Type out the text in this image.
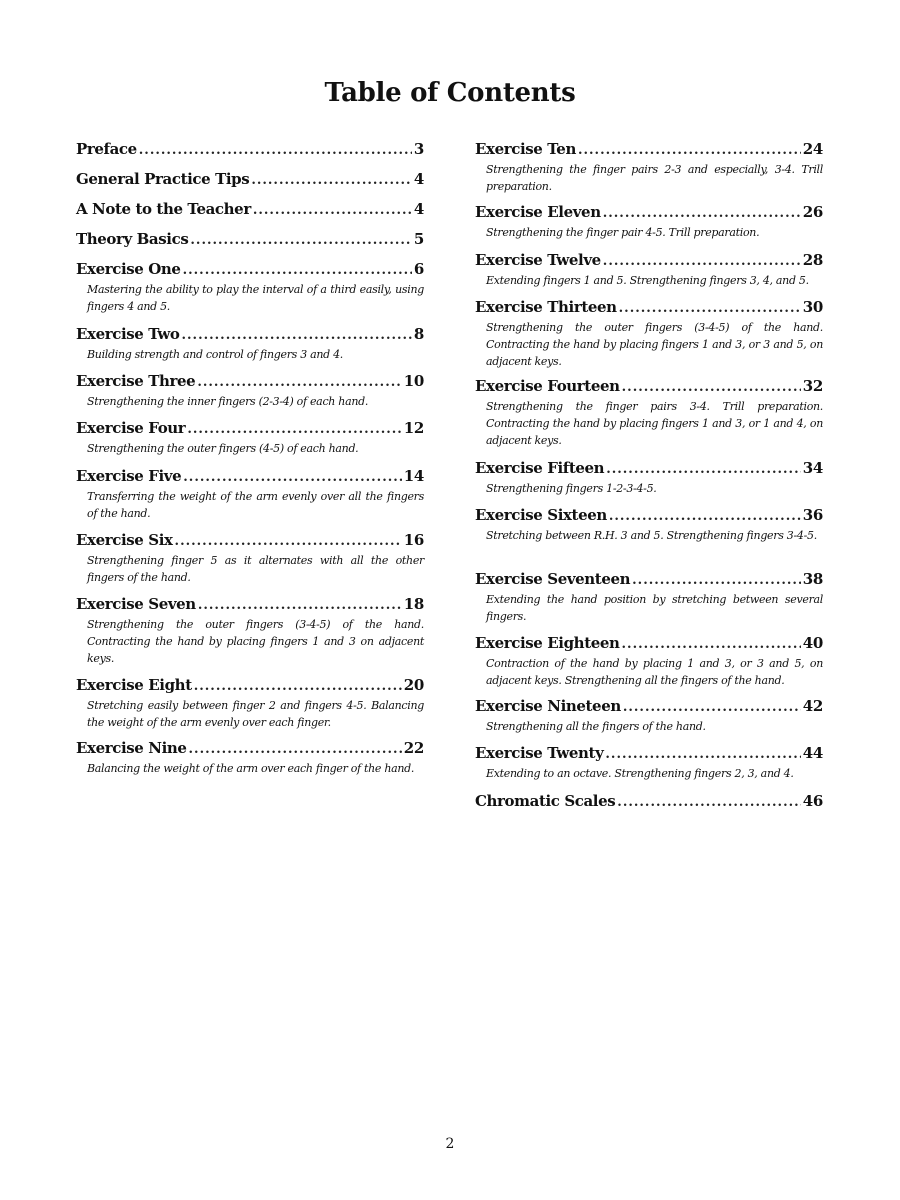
Table of Contents
Preface .....	3
General Practice Tips .....	4
A Note to the Teacher .....	4
Theory Basics .....	5
Exercise One .....	6
Mastering the ability to play the interval of a third easily, using fingers 4 and 5.
Exercise Two .....	8
Building strength and control of fingers 3 and 4.
Exercise Three .....	10
Strengthening the inner fingers (2-3-4) of each hand.
Exercise Four .....	12
Strengthening the outer fingers (4-5) of each hand.
Exercise Five .....	14
Transferring the weight of the arm evenly over all the fingers of the hand.
Exercise Six .....	16
Strengthening finger 5 as it alternates with all the other fingers of the hand.
Exercise Seven .....	18
Strengthening the outer fingers (3-4-5) of the hand. Contracting the hand by placing fingers 1 and 3 on adjacent keys.
Exercise Eight .....	20
Stretching easily between finger 2 and fingers 4-5. Balancing the weight of the arm evenly over each finger.
Exercise Nine .....	22
Balancing the weight of the arm over each finger of the hand.
Exercise Ten .....	24
Strengthening the finger pairs 2-3 and especially, 3-4. Trill preparation.
Exercise Eleven .....	26
Strengthening the finger pair 4-5. Trill preparation.
Exercise Twelve .....	28
Extending fingers 1 and 5. Strengthening fingers 3, 4, and 5.
Exercise Thirteen .....	30
Strengthening the outer fingers (3-4-5) of the hand. Contracting the hand by placing fingers 1 and 3, or 3 and 5, on adjacent keys.
Exercise Fourteen .....	32
Strengthening the finger pairs 3-4. Trill preparation. Contracting the hand by placing fingers 1 and 3, or 1 and 4, on adjacent keys.
Exercise Fifteen .....	34
Strengthening fingers 1-2-3-4-5.
Exercise Sixteen .....	36
Stretching between R.H. 3 and 5. Strengthening fingers 3-4-5.
Exercise Seventeen .....	38
Extending the hand position by stretching between several fingers.
Exercise Eighteen .....	40
Contraction of the hand by placing 1 and 3, or 3 and 5, on adjacent keys. Strengthening all the fingers of the hand.
Exercise Nineteen .....	42
Strengthening all the fingers of the hand.
Exercise Twenty .....	44
Extending to an octave. Strengthening fingers 2, 3, and 4.
Chromatic Scales .....	46
2
